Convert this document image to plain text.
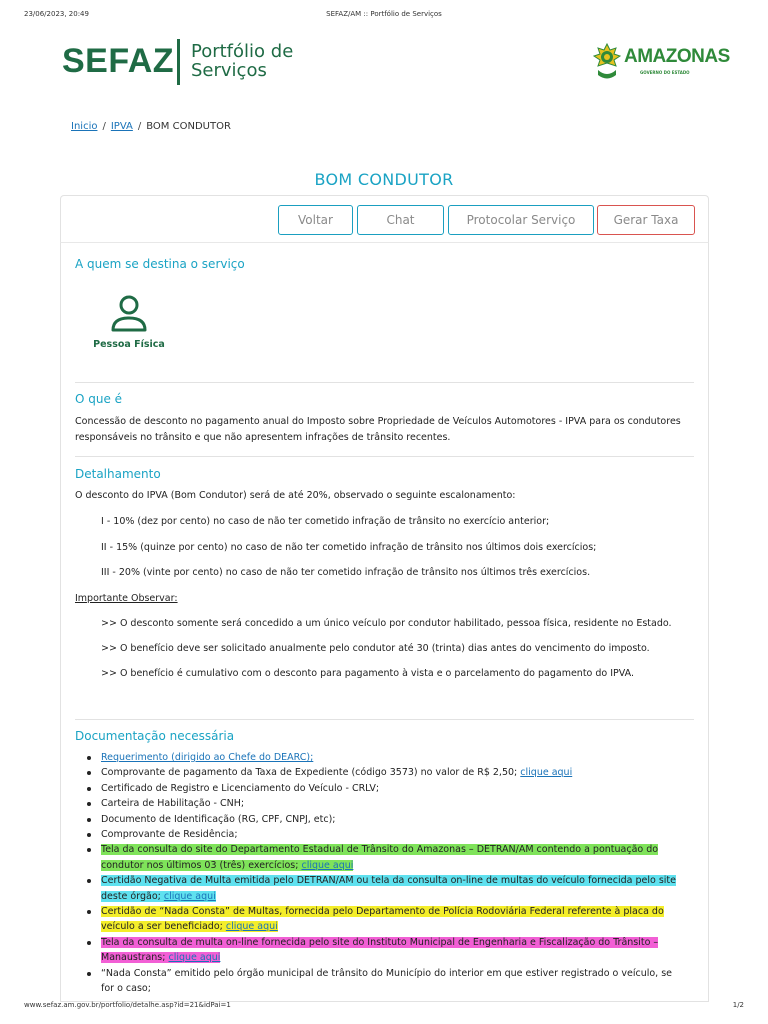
23/06/2023, 20:49	SEFAZ/AM :: Portfólio de Serviços
SEFAZ Portfólio de
Serviços
AMAZONAS
GOVERNO DO ESTADO
Inicio / IPVA / BOM CONDUTOR
BOM CONDUTOR
Voltar	Chat	Protocolar Serviço	Gerar Taxa
A quem se destina o serviço
Pessoa Física
O que é
Concessão de desconto no pagamento anual do Imposto sobre Propriedade de Veículos Automotores - IPVA para os condutores responsáveis no trânsito e que não apresentem infrações de trânsito recentes.
Detalhamento
O desconto do IPVA (Bom Condutor) será de até 20%, observado o seguinte escalonamento:
I - 10% (dez por cento) no caso de não ter cometido infração de trânsito no exercício anterior;
II - 15% (quinze por cento) no caso de não ter cometido infração de trânsito nos últimos dois exercícios;
III - 20% (vinte por cento) no caso de não ter cometido infração de trânsito nos últimos três exercícios.
Importante Observar:
>> O desconto somente será concedido a um único veículo por condutor habilitado, pessoa física, residente no Estado.
>> O benefício deve ser solicitado anualmente pelo condutor até 30 (trinta) dias antes do vencimento do imposto.
>> O benefício é cumulativo com o desconto para pagamento à vista e o parcelamento do pagamento do IPVA.
Documentação necessária
Requerimento (dirigido ao Chefe do DEARC);
Comprovante de pagamento da Taxa de Expediente (código 3573) no valor de R$ 2,50; clique aqui
Certificado de Registro e Licenciamento do Veículo - CRLV;
Carteira de Habilitação - CNH;
Documento de Identificação (RG, CPF, CNPJ, etc);
Comprovante de Residência;
Tela da consulta do site do Departamento Estadual de Trânsito do Amazonas – DETRAN/AM contendo a pontuação do condutor nos últimos 03 (três) exercícios; clique aqui
Certidão Negativa de Multa emitida pelo DETRAN/AM ou tela da consulta on-line de multas do veículo fornecida pelo site deste órgão; clique aqui
Certidão de “Nada Consta” de Multas, fornecida pelo Departamento de Polícia Rodoviária Federal referente à placa do veículo a ser beneficiado; clique aqui
Tela da consulta de multa on-line fornecida pelo site do Instituto Municipal de Engenharia e Fiscalização do Trânsito – Manaustrans; clique aqui
“Nada Consta” emitido pelo órgão municipal de trânsito do Município do interior em que estiver registrado o veículo, se for o caso;
www.sefaz.am.gov.br/portfolio/detalhe.asp?id=21&idPai=1	1/2
